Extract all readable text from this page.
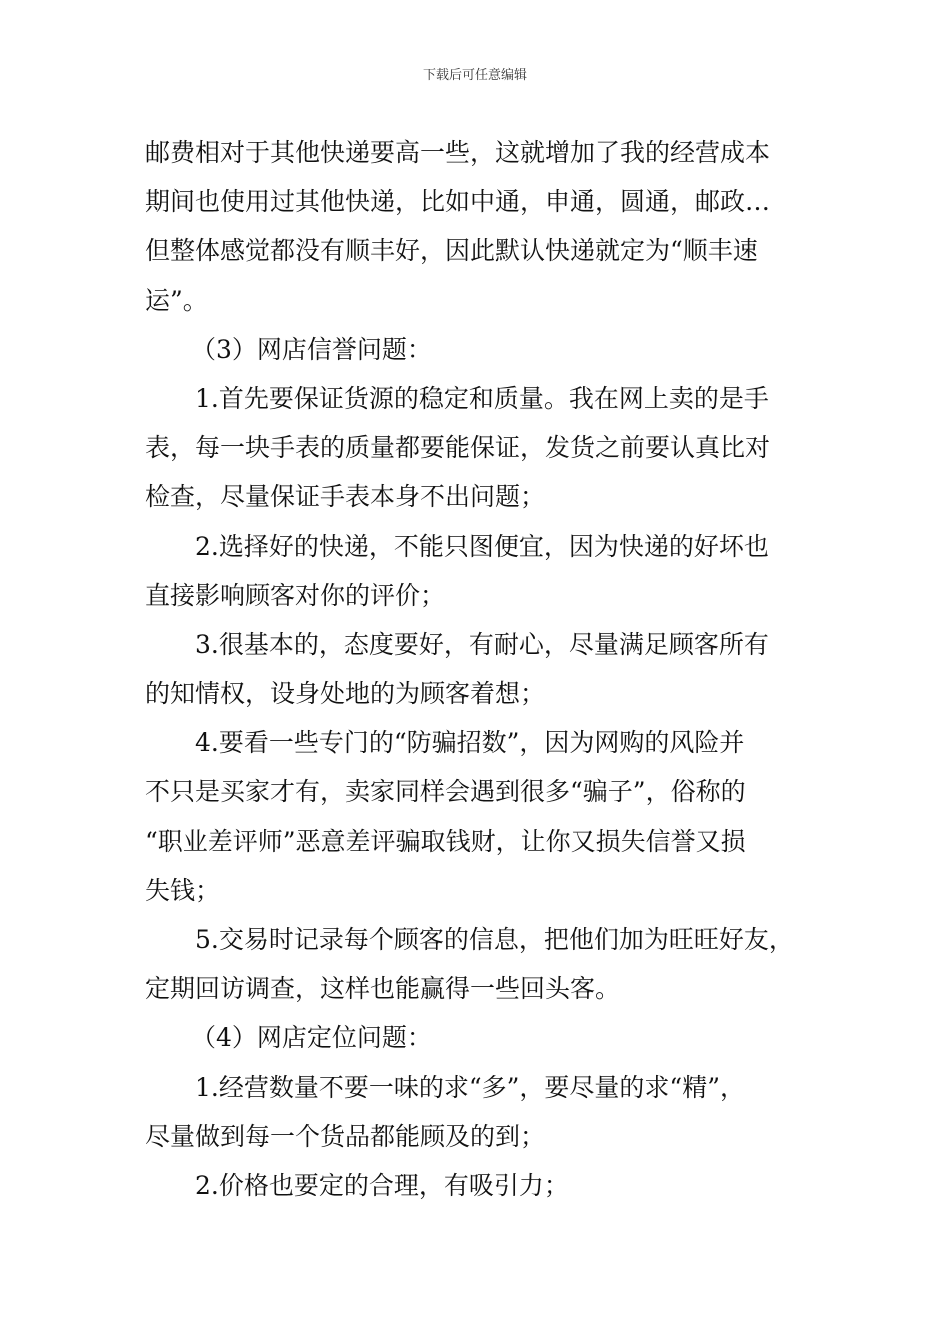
下载后可任意编辑
邮费相对于其他快递要高一些，这就增加了我的经营成本
期间也使用过其他快递，比如中通，申通，圆通，邮政…
但整体感觉都没有顺丰好，因此默认快递就定为“顺丰速
运”。
（3）网店信誉问题：
1.首先要保证货源的稳定和质量。我在网上卖的是手
表，每一块手表的质量都要能保证，发货之前要认真比对
检查，尽量保证手表本身不出问题；
2.选择好的快递，不能只图便宜，因为快递的好坏也
直接影响顾客对你的评价；
3.很基本的，态度要好，有耐心，尽量满足顾客所有
的知情权，设身处地的为顾客着想；
4.要看一些专门的“防骗招数”，因为网购的风险并
不只是买家才有，卖家同样会遇到很多“骗子”，俗称的
“职业差评师”恶意差评骗取钱财，让你又损失信誉又损
失钱；
5.交易时记录每个顾客的信息，把他们加为旺旺好友，
定期回访调查，这样也能赢得一些回头客。
（4）网店定位问题：
1.经营数量不要一味的求“多”，要尽量的求“精”，
尽量做到每一个货品都能顾及的到；
2.价格也要定的合理，有吸引力；
